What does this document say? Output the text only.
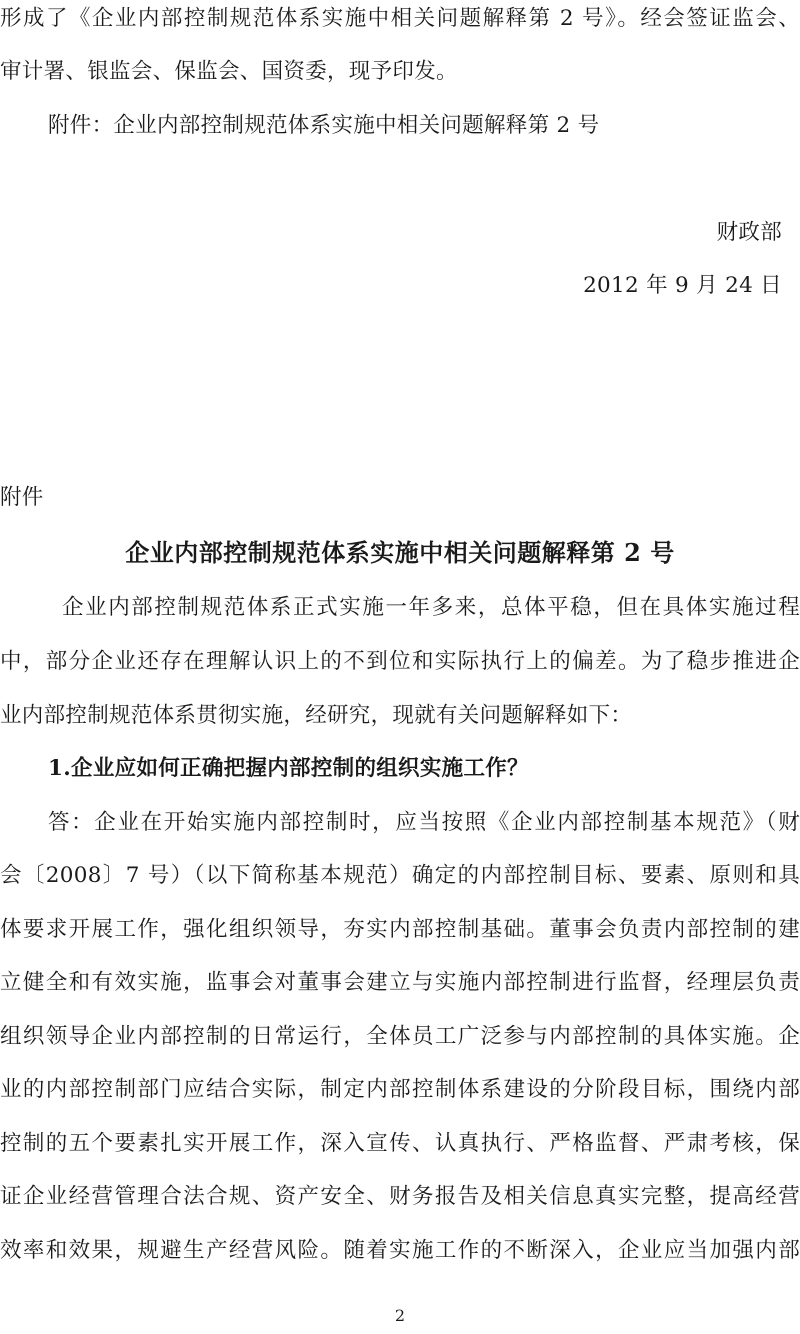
形成了《企业内部控制规范体系实施中相关问题解释第 2 号》。经会签证监会、
审计署、银监会、保监会、国资委，现予印发。
附件：企业内部控制规范体系实施中相关问题解释第 2 号
财政部
2012 年 9 月 24 日
附件
企业内部控制规范体系实施中相关问题解释第 2 号
企业内部控制规范体系正式实施一年多来，总体平稳，但在具体实施过程
中，部分企业还存在理解认识上的不到位和实际执行上的偏差。为了稳步推进企
业内部控制规范体系贯彻实施，经研究，现就有关问题解释如下：
1.企业应如何正确把握内部控制的组织实施工作？
答：企业在开始实施内部控制时，应当按照《企业内部控制基本规范》（财
会〔2008〕7 号）（以下简称基本规范）确定的内部控制目标、要素、原则和具
体要求开展工作，强化组织领导，夯实内部控制基础。董事会负责内部控制的建
立健全和有效实施，监事会对董事会建立与实施内部控制进行监督，经理层负责
组织领导企业内部控制的日常运行，全体员工广泛参与内部控制的具体实施。企
业的内部控制部门应结合实际，制定内部控制体系建设的分阶段目标，围绕内部
控制的五个要素扎实开展工作，深入宣传、认真执行、严格监督、严肃考核，保
证企业经营管理合法合规、资产安全、财务报告及相关信息真实完整，提高经营
效率和效果，规避生产经营风险。随着实施工作的不断深入，企业应当加强内部
2
